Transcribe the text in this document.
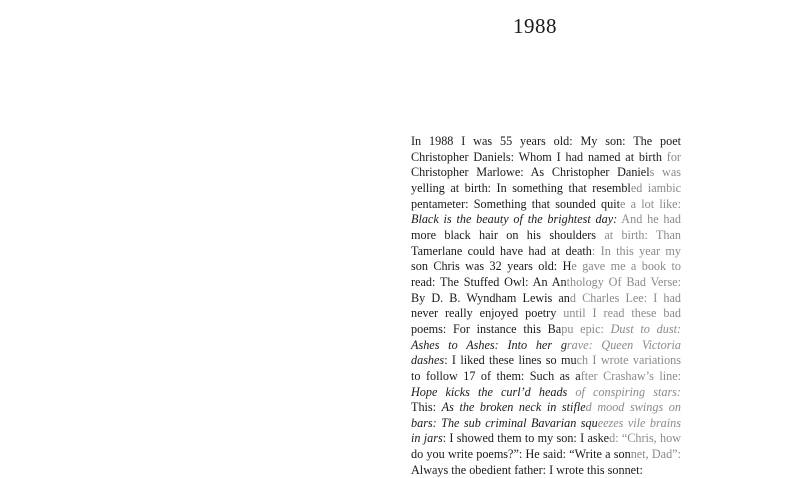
1988
In 1988 I was 55 years old: My son: The poet
Christopher Daniels: Whom I had named at birth for
Christopher Marlowe: As Christopher Daniels was
yelling at birth: In something that resembled iambic
pentameter: Something that sounded quite a lot like:
Black is the beauty of the brightest day: And he had
more black hair on his shoulders at birth: Than
Tamerlane could have had at death: In this year my
son Chris was 32 years old: He gave me a book to
read: The Stuffed Owl: An Anthology Of Bad Verse:
By D. B. Wyndham Lewis and Charles Lee: I had
never really enjoyed poetry until I read these bad
poems: For instance this Bapu epic: Dust to dust:
Ashes to Ashes: Into her grave: Queen Victoria
dashes: I liked these lines so much I wrote variations
to follow 17 of them: Such as after Crashaw’s line:
Hope kicks the curl’d heads of conspiring stars:
This: As the broken neck in stifled mood swings on
bars: The sub criminal Bavarian squeezes vile brains
in jars: I showed them to my son: I asked: “Chris, how
do you write poems?”: He said: “Write a sonnet, Dad”:
Always the obedient father: I wrote this sonnet:
